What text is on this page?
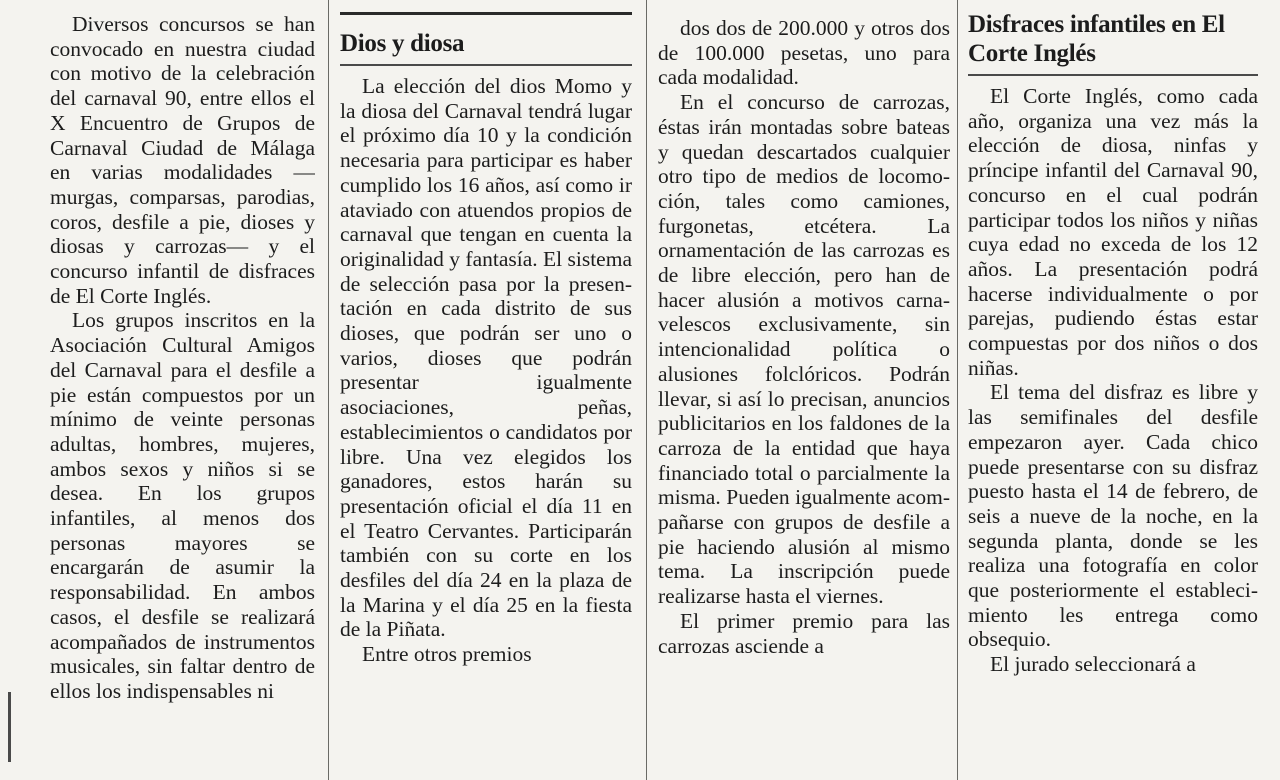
Diversos concursos se han convocado en nuestra ciudad con motivo de la celebración del carnaval 90, entre ellos el X Encuentro de Grupos de Carnaval Ciudad de Málaga en varias modalidades —murgas, comparsas, parodias, coros, desfile a pie, dioses y diosas y carrozas— y el concurso infantil de disfraces de El Corte Inglés.

Los grupos inscritos en la Asociación Cultural Amigos del Carnaval para el desfile a pie están compuestos por un mínimo de veinte personas adultas, hombres, mujeres, ambos sexos y niños si se desea. En los grupos infantiles, al menos dos personas mayores se encargarán de asumir la responsabilidad. En ambos casos, el desfile se realizará acompañados de instrumentos musicales, sin faltar dentro de ellos los indispensables ni

Dios y diosa

La elección del dios Momo y la diosa del Carnaval tendrá lugar el próximo día 10 y la condición necesaria para participar es haber cumplido los 16 años, así como ir ataviado con atuendos propios de carnaval que tengan en cuenta la originalidad y fantasía. El sistema de selección pasa por la presentación en cada distrito de sus dioses, que podrán ser uno o varios, dioses que podrán presentar igualmente asociaciones, peñas, establecimientos o candidatos por libre. Una vez elegidos los ganadores, estos harán su presentación oficial el día 11 en el Teatro Cervantes. Participarán también con su corte en los desfiles del día 24 en la plaza de la Marina y el día 25 en la fiesta de la Piñata.

Entre otros premios

dos dos de 200.000 y otros dos de 100.000 pesetas, uno para cada modalidad.

En el concurso de carrozas, éstas irán montadas sobre bateas y quedan descartados cualquier otro tipo de medios de locomoción, tales como camiones, furgonetas, etcétera. La ornamentación de las carrozas es de libre elección, pero han de hacer alusión a motivos carnavelescos exclusivamente, sin intencionalidad política o alusiones folclóricos. Podrán llevar, si así lo precisan, anuncios publicitarios en los faldones de la carroza de la entidad que haya financiado total o parcialmente la misma. Pueden igualmente acompañarse con grupos de desfile a pie haciendo alusión al mismo tema. La inscripción puede realizarse hasta el viernes.

El primer premio para las carrozas asciende a

Disfraces infantiles en El Corte Inglés

El Corte Inglés, como cada año, organiza una vez más la elección de diosa, ninfas y príncipe infantil del Carnaval 90, concurso en el cual podrán participar todos los niños y niñas cuya edad no exceda de los 12 años. La presentación podrá hacerse individualmente o por parejas, pudiendo éstas estar compuestas por dos niños o dos niñas.

El tema del disfraz es libre y las semifinales del desfile empezaron ayer. Cada chico puede presentarse con su disfraz puesto hasta el 14 de febrero, de seis a nueve de la noche, en la segunda planta, donde se les realiza una fotografía en color que posteriormente el establecimiento les entrega como obsequio.

El jurado seleccionará a
